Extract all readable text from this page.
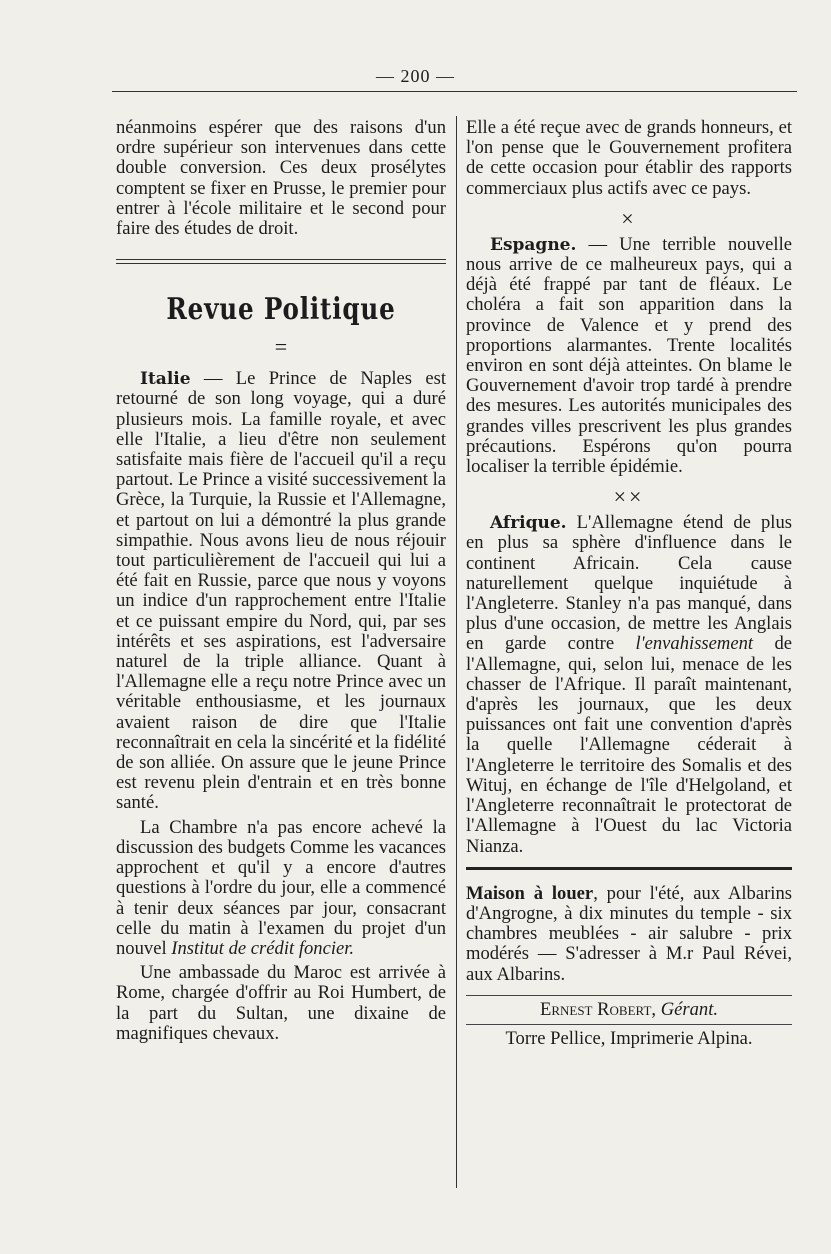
— 200 —

néanmoins espérer que des raisons d'un ordre supérieur son intervenues dans cette double conversion. Ces deux prosélytes comptent se fixer en Prusse, le premier pour entrer à l'école militaire et le second pour faire des études de droit.

Revue Politique
=

Italie — Le Prince de Naples est retourné de son long voyage, qui a duré plusieurs mois. La famille royale, et avec elle l'Italie, a lieu d'être non seulement satisfaite mais fière de l'accueil qu'il a reçu partout. Le Prince a visité successivement la Grèce, la Turquie, la Russie et l'Allemagne, et partout on lui a démontré la plus grande simpathie. Nous avons lieu de nous réjouir tout particulièrement de l'accueil qui lui a été fait en Russie, parce que nous y voyons un indice d'un rapprochement entre l'Italie et ce puissant empire du Nord, qui, par ses intérêts et ses aspirations, est l'adversaire naturel de la triple alliance. Quant à l'Allemagne elle a reçu notre Prince avec un véritable enthousiasme, et les journaux avaient raison de dire que l'Italie reconnaîtrait en cela la sincérité et la fidélité de son alliée. On assure que le jeune Prince est revenu plein d'entrain et en très bonne santé.

La Chambre n'a pas encore achevé la discussion des budgets Comme les vacances approchent et qu'il y a encore d'autres questions à l'ordre du jour, elle a commencé à tenir deux séances par jour, consacrant celle du matin à l'examen du projet d'un nouvel Institut de crédit foncier.

Une ambassade du Maroc est arrivée à Rome, chargée d'offrir au Roi Humbert, de la part du Sultan, une dixaine de magnifiques chevaux.

Elle a été reçue avec de grands honneurs, et l'on pense que le Gouvernement profitera de cette occasion pour établir des rapports commerciaux plus actifs avec ce pays.

×

Espagne. — Une terrible nouvelle nous arrive de ce malheureux pays, qui a déjà été frappé par tant de fléaux. Le choléra a fait son apparition dans la province de Valence et y prend des proportions alarmantes. Trente localités environ en sont déjà atteintes. On blame le Gouvernement d'avoir trop tardé à prendre des mesures. Les autorités municipales des grandes villes prescrivent les plus grandes précautions. Espérons qu'on pourra localiser la terrible épidémie.

××

Afrique. L'Allemagne étend de plus en plus sa sphère d'influence dans le continent Africain. Cela cause naturellement quelque inquiétude à l'Angleterre. Stanley n'a pas manqué, dans plus d'une occasion, de mettre les Anglais en garde contre l'envahissement de l'Allemagne, qui, selon lui, menace de les chasser de l'Afrique. Il paraît maintenant, d'après les journaux, que les deux puissances ont fait une convention d'après la quelle l'Allemagne céderait à l'Angleterre le territoire des Somalis et des Wituj, en échange de l'île d'Helgoland, et l'Angleterre reconnaîtrait le protectorat de l'Allemagne à l'Ouest du lac Victoria Nianza.

Maison à louer, pour l'été, aux Albarins d'Angrogne, à dix minutes du temple - six chambres meublées - air salubre - prix modérés — S'adresser à M.r Paul Révei, aux Albarins.

Ernest Robert, Gérant.

Torre Pellice, Imprimerie Alpina.
